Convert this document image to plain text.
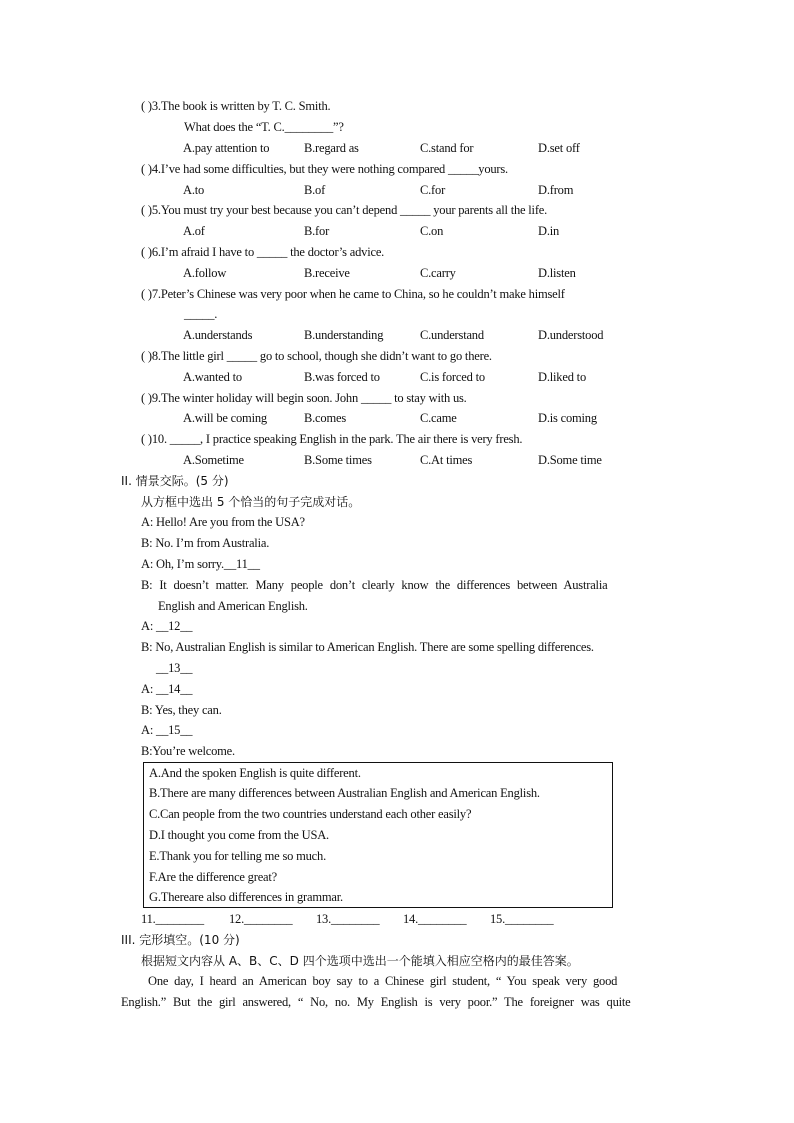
( )3.The book is written by T. C. Smith.
What does the “T. C.________”?
A.pay attention to	B.regard as	C.stand for	D.set off
( )4.I’ve had some difficulties, but they were nothing compared _____yours.
A.to	B.of	C.for	D.from
( )5.You must try your best because you can’t depend _____ your parents all the life.
A.of	B.for	C.on	D.in
( )6.I’m afraid I have to _____ the doctor’s advice.
A.follow	B.receive	C.carry	D.listen
( )7.Peter’s Chinese was very poor when he came to China, so he couldn’t make himself
_____.
A.understands	B.understanding	C.understand	D.understood
( )8.The little girl _____ go to school, though she didn’t want to go there.
A.wanted to	B.was forced to	C.is forced to	D.liked to
( )9.The winter holiday will begin soon. John _____ to stay with us.
A.will be coming	B.comes	C.came	D.is coming
( )10. _____, I practice speaking English in the park. The air there is very fresh.
A.Sometime	B.Some times	C.At times	D.Some time
II. 情景交际。(5 分)
从方框中选出 5 个恰当的句子完成对话。
A: Hello! Are you from the USA?
B: No. I’m from Australia.
A: Oh, I’m sorry.__11__
B: It doesn’t matter. Many people don’t clearly know the differences between Australia
English and American English.
A: __12__
B: No, Australian English is similar to American English. There are some spelling differences.
__13__
A: __14__
B: Yes, they can.
A: __15__
B:You’re welcome.
A.And the spoken English is quite different.
B.There are many differences between Australian English and American English.
C.Can people from the two countries understand each other easily?
D.I thought you come from the USA.
E.Thank you for telling me so much.
F.Are the difference great?
G.Thereare also differences in grammar.
11.________ 12.________ 13.________ 14.________ 15.________
III. 完形填空。(10 分)
根据短文内容从 A、B、C、D 四个选项中选出一个能填入相应空格内的最佳答案。
One day, I heard an American boy say to a Chinese girl student, “ You speak very good
English.” But the girl answered, “ No, no. My English is very poor.” The foreigner was quite
